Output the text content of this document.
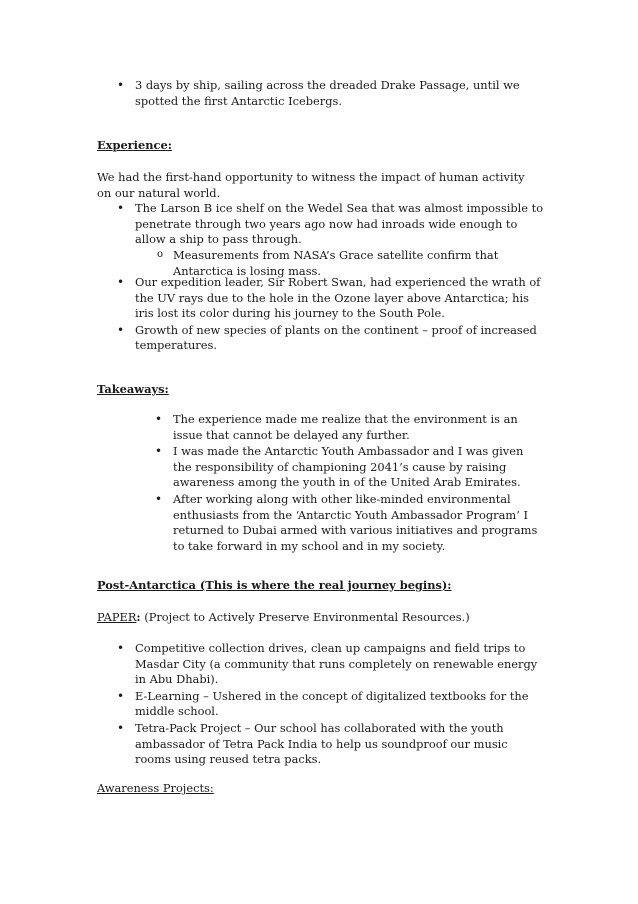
• 3 days by ship, sailing across the dreaded Drake Passage, until we spotted the first Antarctic Icebergs.
Experience:

We had the first-hand opportunity to witness the impact of human activity on our natural world.

• The Larson B ice shelf on the Wedel Sea that was almost impossible to penetrate through two years ago now had inroads wide enough to allow a ship to pass through.
o Measurements from NASA’s Grace satellite confirm that Antarctica is losing mass.
• Our expedition leader, Sir Robert Swan, had experienced the wrath of the UV rays due to the hole in the Ozone layer above Antarctica; his iris lost its color during his journey to the South Pole.
• Growth of new species of plants on the continent – proof of increased temperatures.
Takeaways:
• The experience made me realize that the environment is an issue that cannot be delayed any further.
• I was made the Antarctic Youth Ambassador and I was given the responsibility of championing 2041’s cause by raising awareness among the youth in of the United Arab Emirates.
• After working along with other like-minded environmental enthusiasts from the ‘Antarctic Youth Ambassador Program’ I returned to Dubai armed with various initiatives and programs to take forward in my school and in my society.
Post-Antarctica (This is where the real journey begins):
PAPER: (Project to Actively Preserve Environmental Resources.)
• Competitive collection drives, clean up campaigns and field trips to Masdar City (a community that runs completely on renewable energy in Abu Dhabi).
• E-Learning – Ushered in the concept of digitalized textbooks for the middle school.
• Tetra-Pack Project – Our school has collaborated with the youth ambassador of Tetra Pack India to help us soundproof our music rooms using reused tetra packs.
Awareness Projects:
